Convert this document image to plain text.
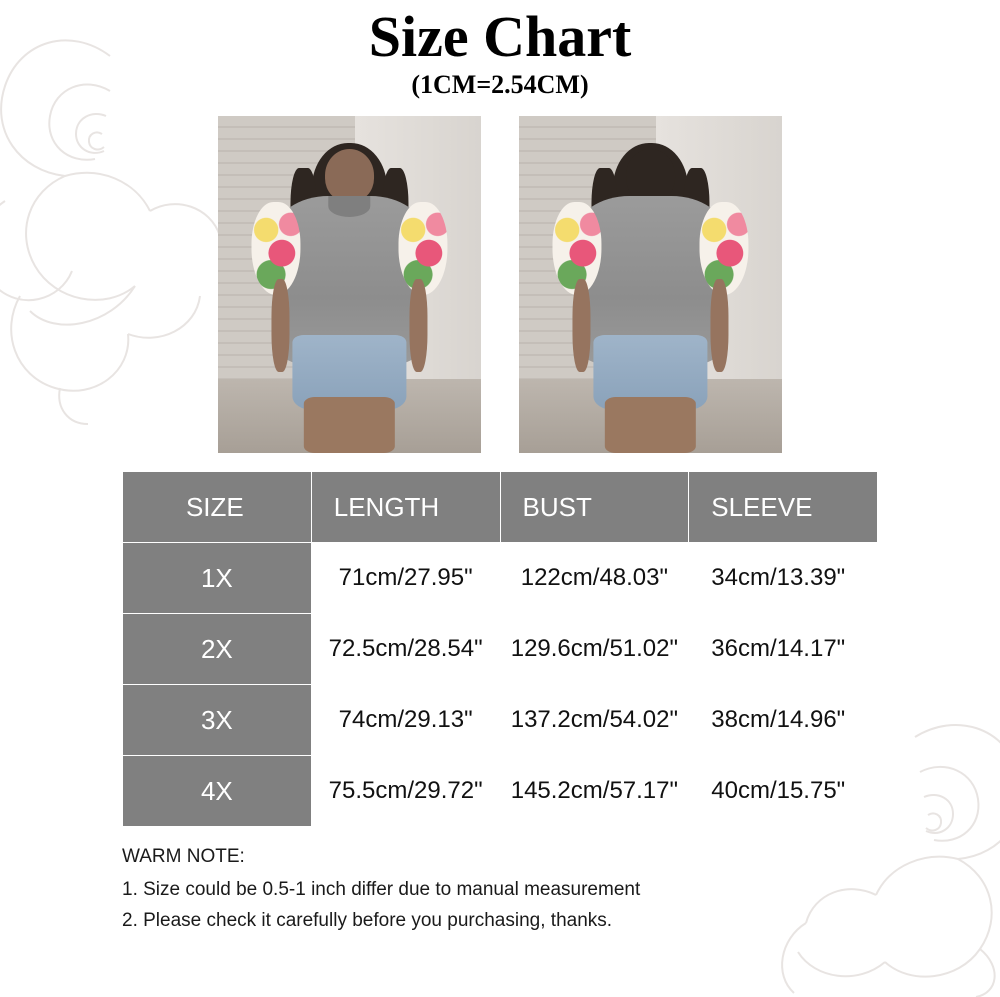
Size Chart
(1CM=2.54CM)
SIZE	LENGTH	BUST	SLEEVE
1X	71cm/27.95"	122cm/48.03"	34cm/13.39"
2X	72.5cm/28.54"	129.6cm/51.02"	36cm/14.17"
3X	74cm/29.13"	137.2cm/54.02"	38cm/14.96"
4X	75.5cm/29.72"	145.2cm/57.17"	40cm/15.75"
WARM NOTE:
1. Size could be 0.5-1 inch differ due to manual measurement
2. Please check it carefully before you purchasing, thanks.
